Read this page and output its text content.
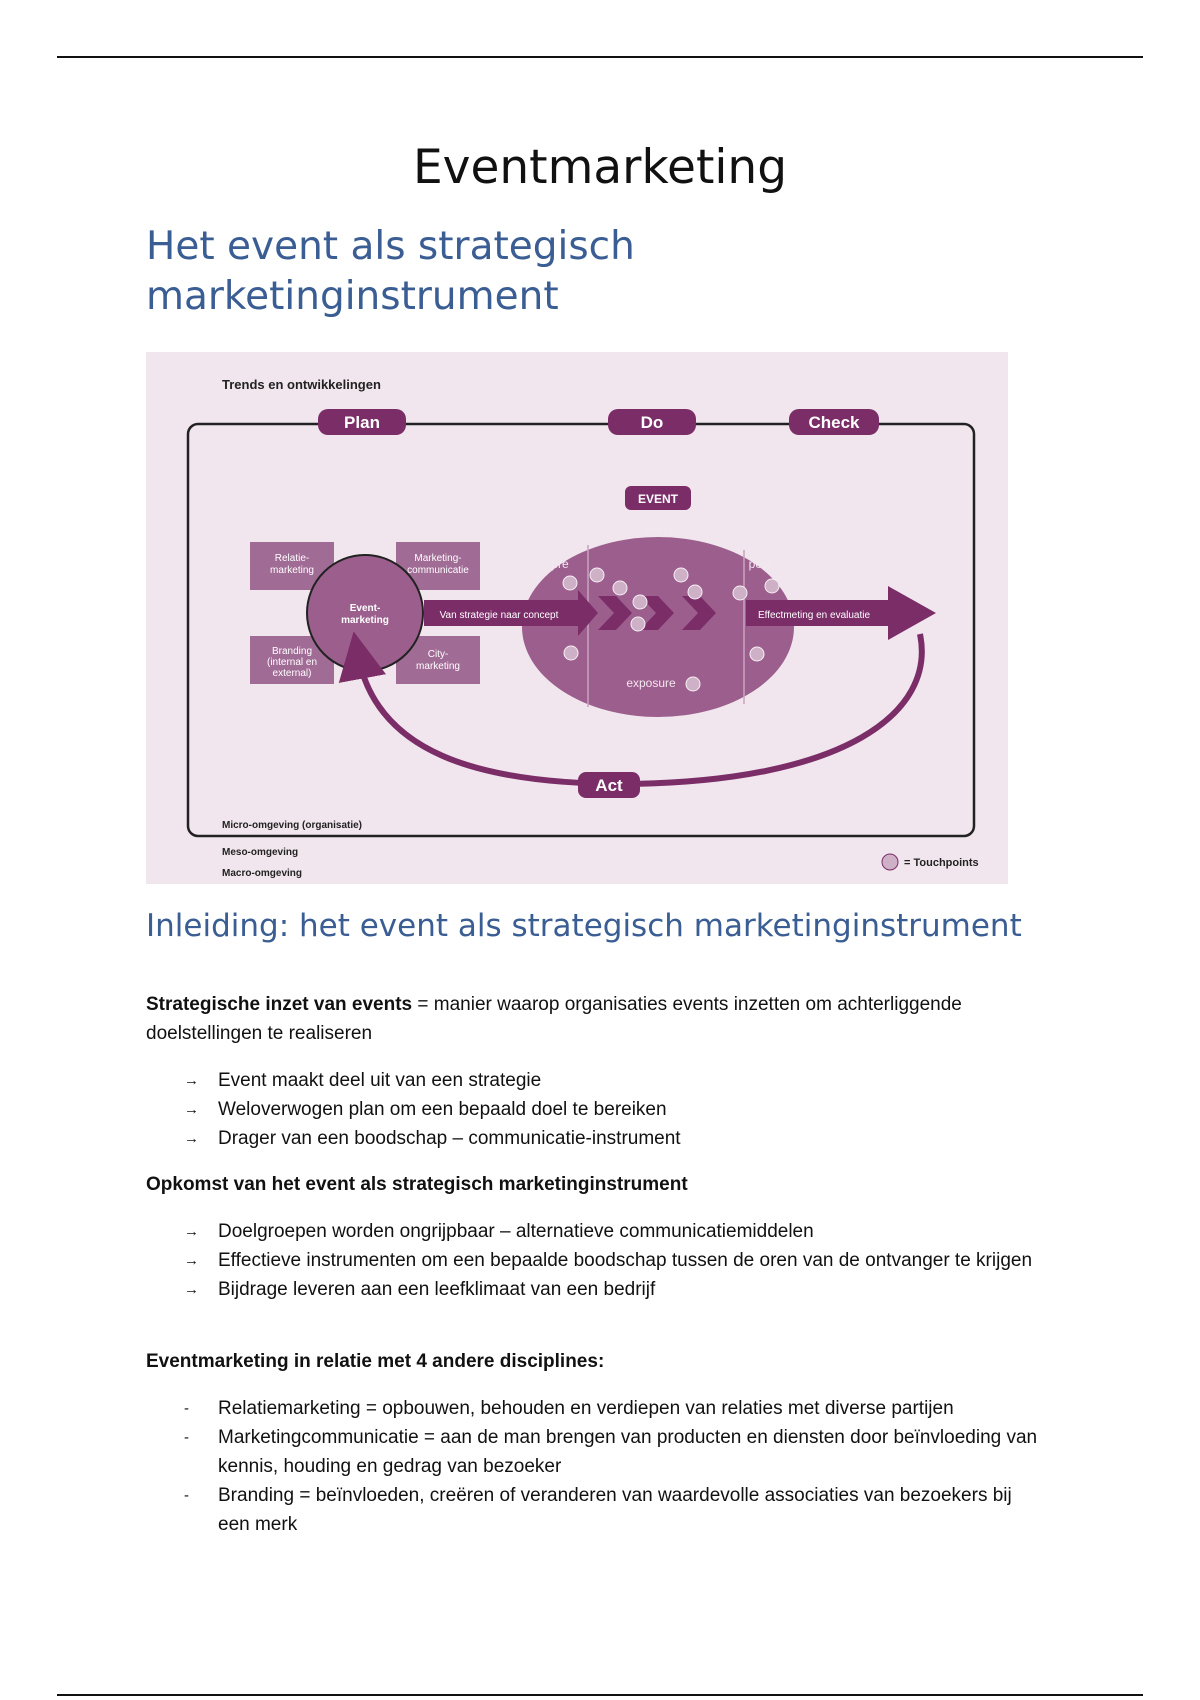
Eventmarketing
Het event als strategisch marketinginstrument
Trends en ontwikkelingen
Plan	Do	Check
Relatie-
marketing
Marketing-
communicatie
Branding
(internal en
external)
City-
marketing
Event-
marketing
direct
pre	post
exposure
EVENT
Van strategie naar concept	Effectmeting en evaluatie
Act
Micro-omgeving (organisatie)
Meso-omgeving
Macro-omgeving
= Touchpoints
Inleiding: het event als strategisch marketinginstrument
Strategische inzet van events = manier waarop organisaties events inzetten om achterliggende doelstellingen te realiseren
→ Event maakt deel uit van een strategie
→ Weloverwogen plan om een bepaald doel te bereiken
→ Drager van een boodschap – communicatie-instrument
Opkomst van het event als strategisch marketinginstrument
→ Doelgroepen worden ongrijpbaar – alternatieve communicatiemiddelen
→ Effectieve instrumenten om een bepaalde boodschap tussen de oren van de ontvanger te krijgen
→ Bijdrage leveren aan een leefklimaat van een bedrijf
Eventmarketing in relatie met 4 andere disciplines:
-	Relatiemarketing = opbouwen, behouden en verdiepen van relaties met diverse partijen
-	Marketingcommunicatie = aan de man brengen van producten en diensten door beïnvloeding van kennis, houding en gedrag van bezoeker
-	Branding = beïnvloeden, creëren of veranderen van waardevolle associaties van bezoekers bij een merk
